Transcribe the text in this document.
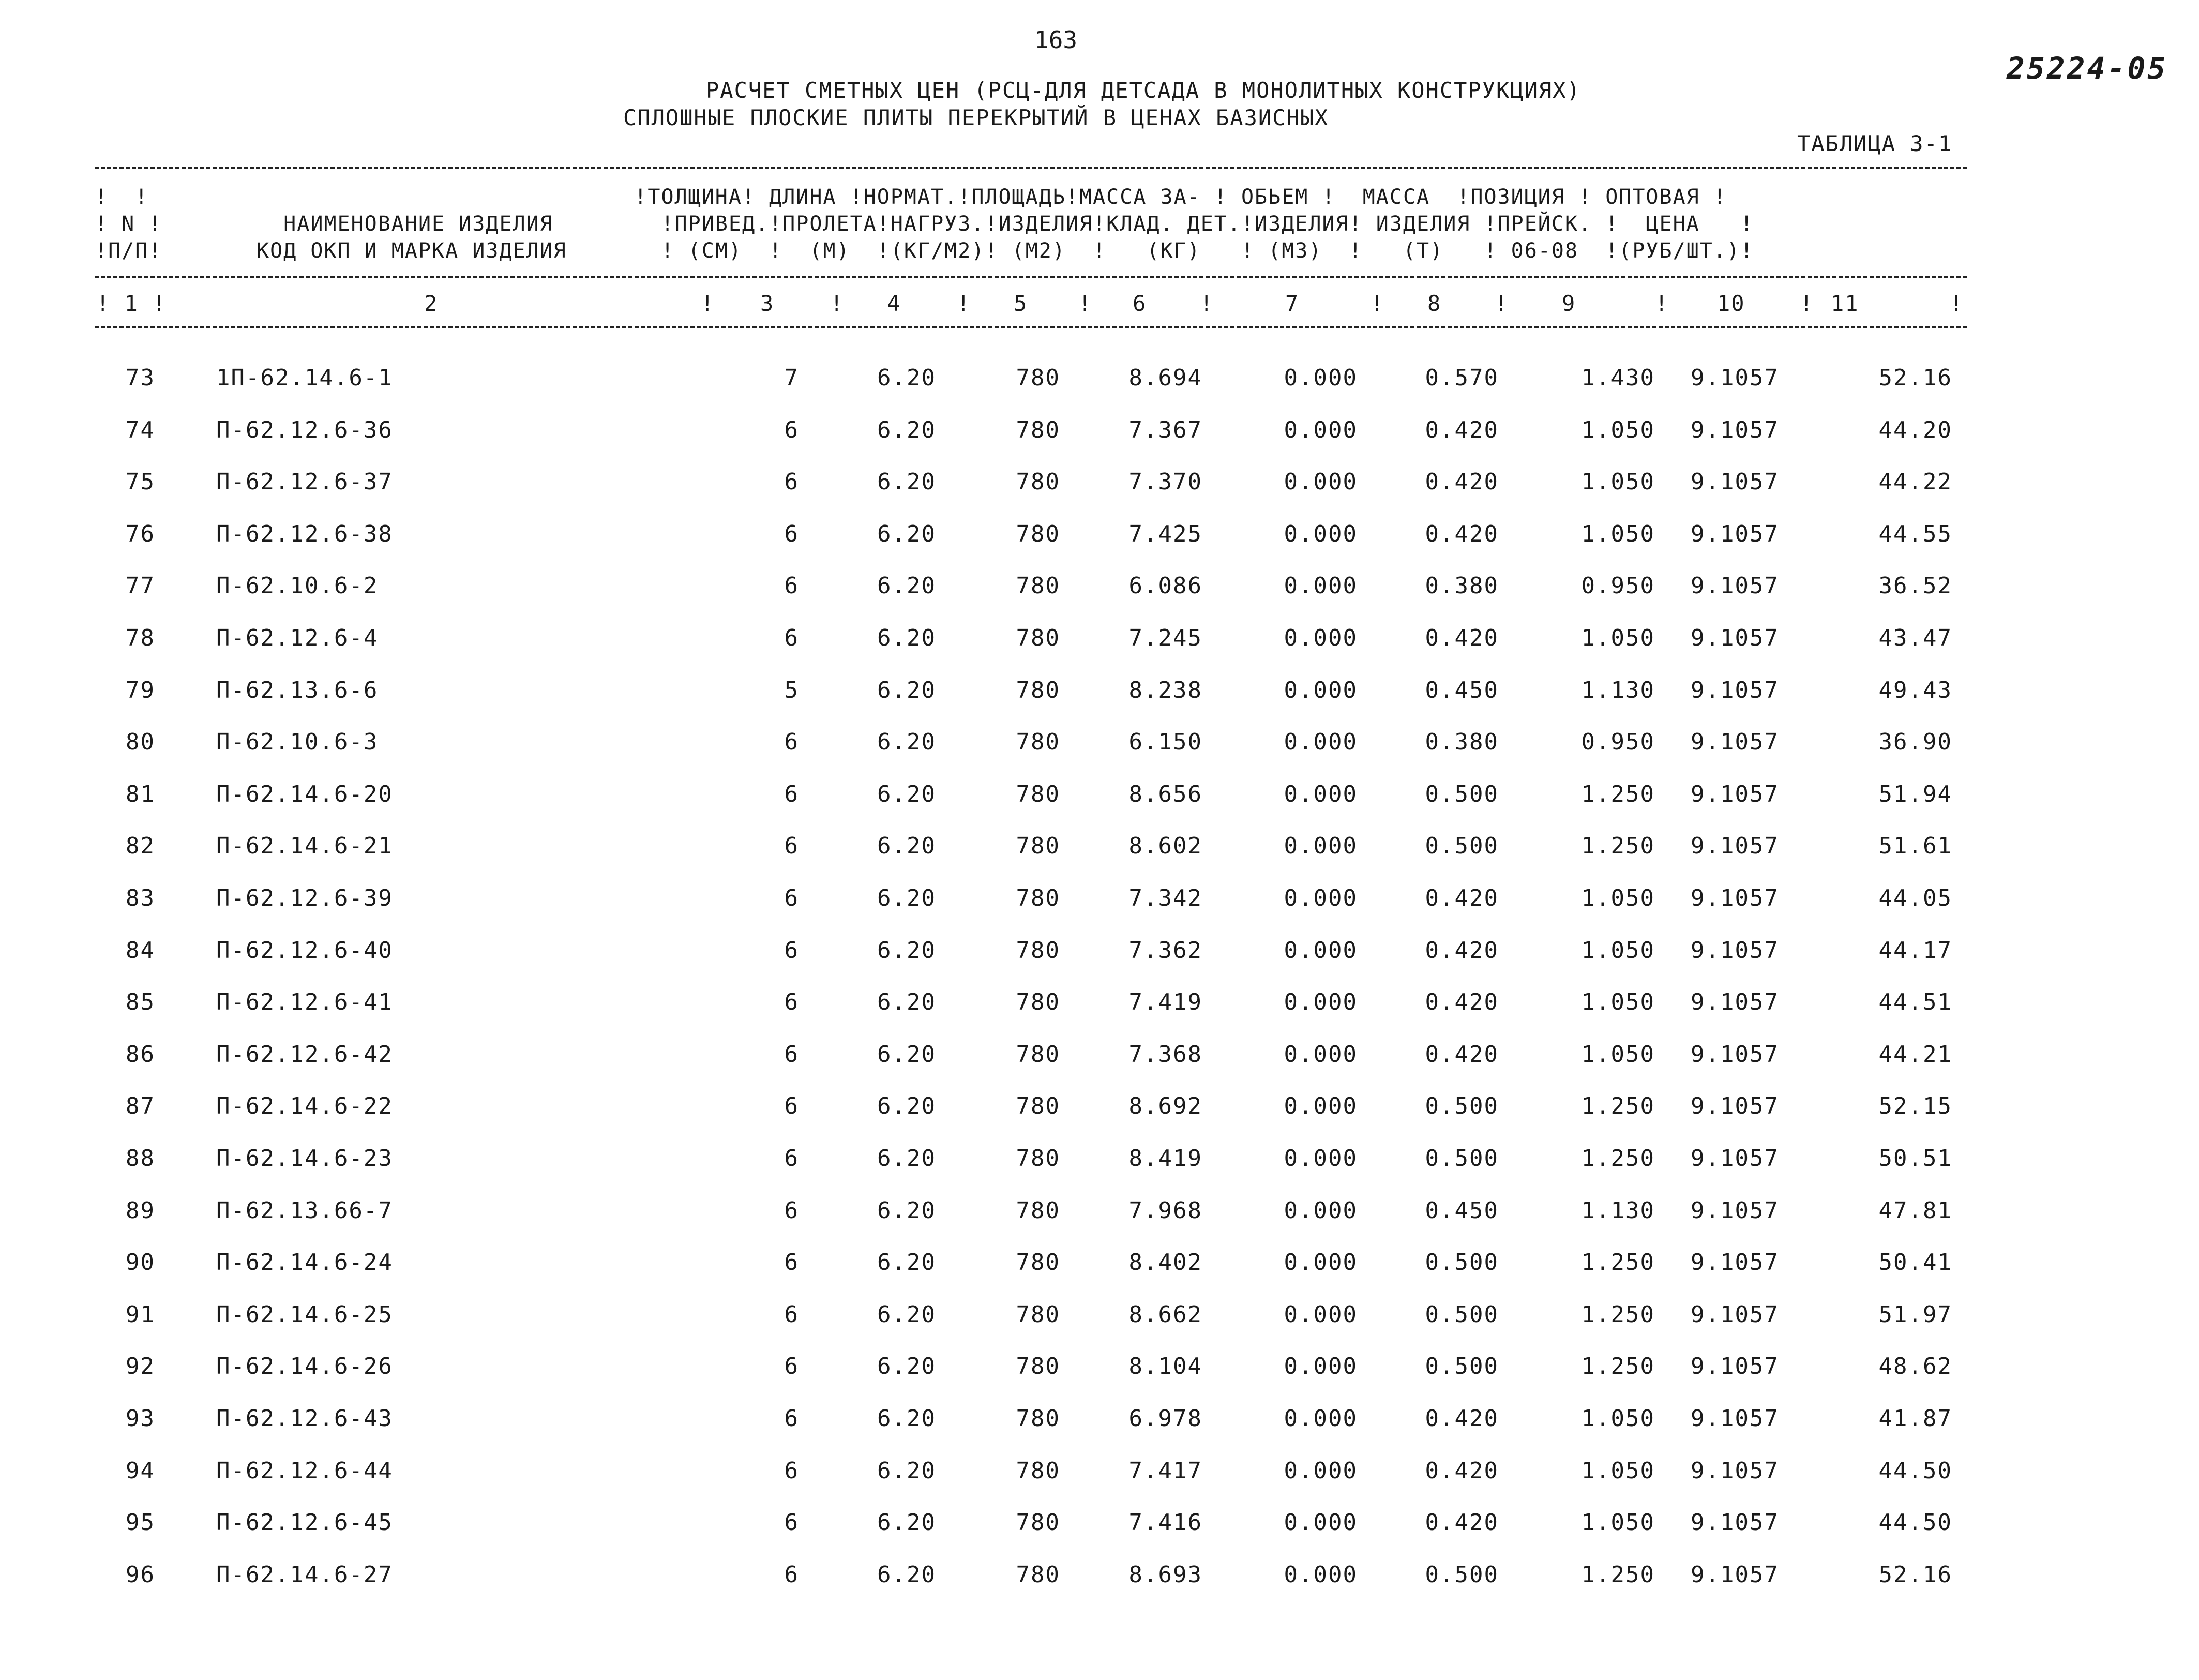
163
25224-05
РАСЧЕТ СМЕТНЫХ ЦЕН (РСЦ-ДЛЯ ДЕТСАДА В МОНОЛИТНЫХ КОНСТРУКЦИЯХ)
СПЛОШНЫЕ ПЛОСКИЕ ПЛИТЫ ПЕРЕКРЫТИЙ В ЦЕНАХ БАЗИСНЫХ
ТАБЛИЦА 3-1
!  !                                    !ТОЛЩИНА! ДЛИНА !НОРМАТ.!ПЛОЩАДЬ!МАССА ЗА- ! ОБЬЕМ !  МАССА  !ПОЗИЦИЯ ! ОПТОВАЯ !
! N !         НАИМЕНОВАНИЕ ИЗДЕЛИЯ        !ПРИВЕД.!ПРОЛЕТА!НАГРУЗ.!ИЗДЕЛИЯ!КЛАД. ДЕТ.!ИЗДЕЛИЯ! ИЗДЕЛИЯ !ПРЕЙСК. !  ЦЕНА   !
!П/П!       КОД ОКП И МАРКА ИЗДЕЛИЯ       ! (СМ)  !  (М)  !(КГ/М2)! (М2)  !   (КГ)   ! (М3)  !   (Т)   ! 06-08  !(РУБ/ШТ.)!
! 1 !	2	! 3	! 4	! 5 ! 6 !	7	! 8 ! 9	! 10	! 11	!
73	1П-62.14.6-1	7	6.20	780	8.694	0.000	0.570	1.430 9.1057	52.16
74	П-62.12.6-36	6	6.20	780	7.367	0.000	0.420	1.050 9.1057	44.20
75	П-62.12.6-37	6	6.20	780	7.370	0.000	0.420	1.050 9.1057	44.22
76	П-62.12.6-38	6	6.20	780	7.425	0.000	0.420	1.050 9.1057	44.55
77	П-62.10.6-2	6	6.20	780	6.086	0.000	0.380	0.950 9.1057	36.52
78	П-62.12.6-4	6	6.20	780	7.245	0.000	0.420	1.050 9.1057	43.47
79	П-62.13.6-6	5	6.20	780	8.238	0.000	0.450	1.130 9.1057	49.43
80	П-62.10.6-3	6	6.20	780	6.150	0.000	0.380	0.950 9.1057	36.90
81	П-62.14.6-20	6	6.20	780	8.656	0.000	0.500	1.250 9.1057	51.94
82	П-62.14.6-21	6	6.20	780	8.602	0.000	0.500	1.250 9.1057	51.61
83	П-62.12.6-39	6	6.20	780	7.342	0.000	0.420	1.050 9.1057	44.05
84	П-62.12.6-40	6	6.20	780	7.362	0.000	0.420	1.050 9.1057	44.17
85	П-62.12.6-41	6	6.20	780	7.419	0.000	0.420	1.050 9.1057	44.51
86	П-62.12.6-42	6	6.20	780	7.368	0.000	0.420	1.050 9.1057	44.21
87	П-62.14.6-22	6	6.20	780	8.692	0.000	0.500	1.250 9.1057	52.15
88	П-62.14.6-23	6	6.20	780	8.419	0.000	0.500	1.250 9.1057	50.51
89	П-62.13.66-7	6	6.20	780	7.968	0.000	0.450	1.130 9.1057	47.81
90	П-62.14.6-24	6	6.20	780	8.402	0.000	0.500	1.250 9.1057	50.41
91	П-62.14.6-25	6	6.20	780	8.662	0.000	0.500	1.250 9.1057	51.97
92	П-62.14.6-26	6	6.20	780	8.104	0.000	0.500	1.250 9.1057	48.62
93	П-62.12.6-43	6	6.20	780	6.978	0.000	0.420	1.050 9.1057	41.87
94	П-62.12.6-44	6	6.20	780	7.417	0.000	0.420	1.050 9.1057	44.50
95	П-62.12.6-45	6	6.20	780	7.416	0.000	0.420	1.050 9.1057	44.50
96	П-62.14.6-27	6	6.20	780	8.693	0.000	0.500	1.250 9.1057	52.16
